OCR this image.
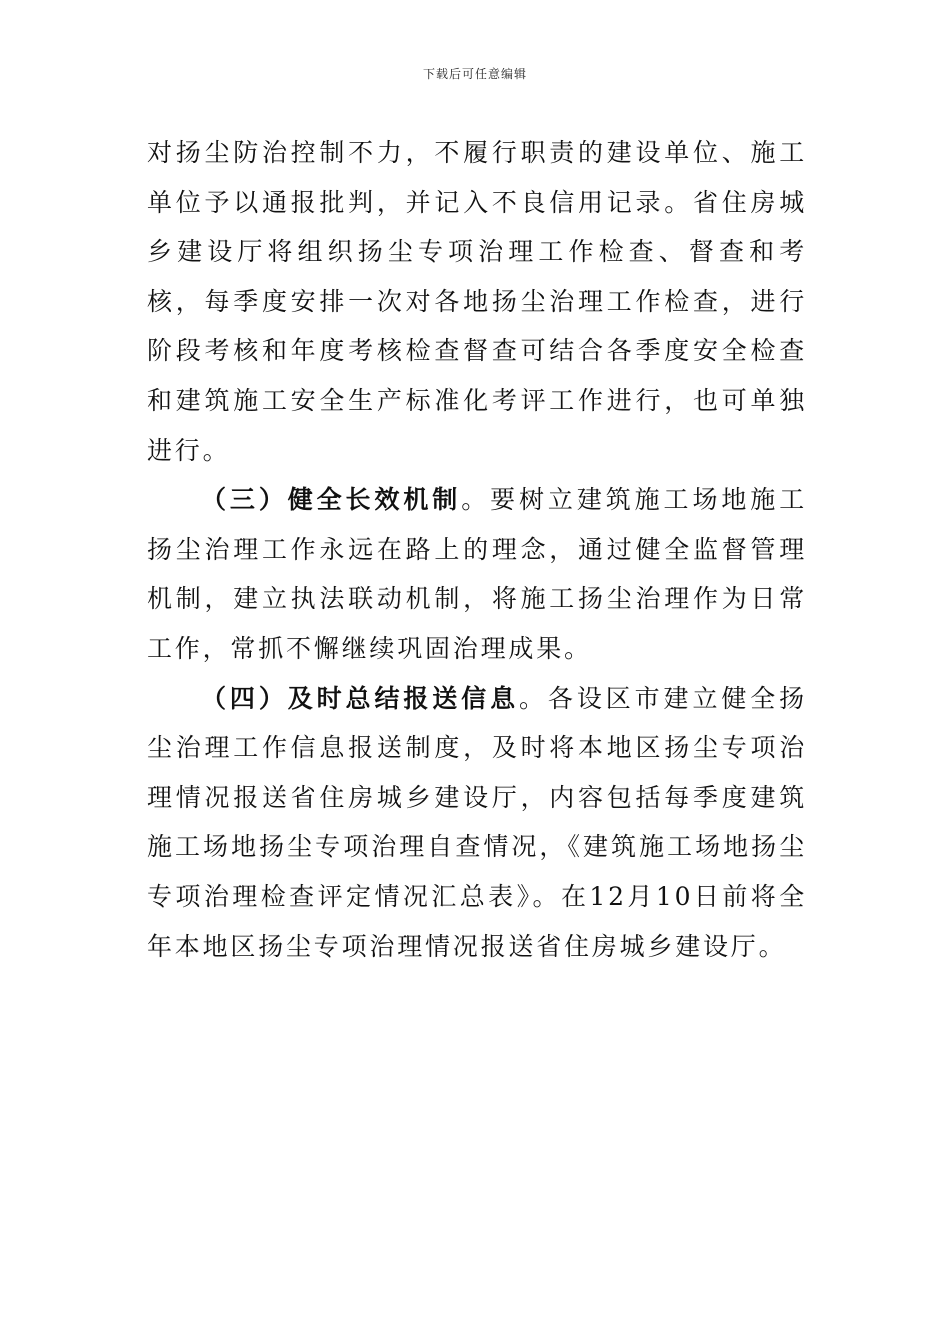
下载后可任意编辑

对扬尘防治控制不力，不履行职责的建设单位、施工单位予以通报批判，并记入不良信用记录。省住房城乡建设厅将组织扬尘专项治理工作检查、督查和考核，每季度安排一次对各地扬尘治理工作检查，进行阶段考核和年度考核检查督查可结合各季度安全检查和建筑施工安全生产标准化考评工作进行，也可单独进行。

（三）健全长效机制。要树立建筑施工场地施工扬尘治理工作永远在路上的理念，通过健全监督管理机制，建立执法联动机制，将施工扬尘治理作为日常工作，常抓不懈继续巩固治理成果。

（四）及时总结报送信息。各设区市建立健全扬尘治理工作信息报送制度，及时将本地区扬尘专项治理情况报送省住房城乡建设厅，内容包括每季度建筑施工场地扬尘专项治理自查情况，《建筑施工场地扬尘专项治理检查评定情况汇总表》。在12月10日前将全年本地区扬尘专项治理情况报送省住房城乡建设厅。
